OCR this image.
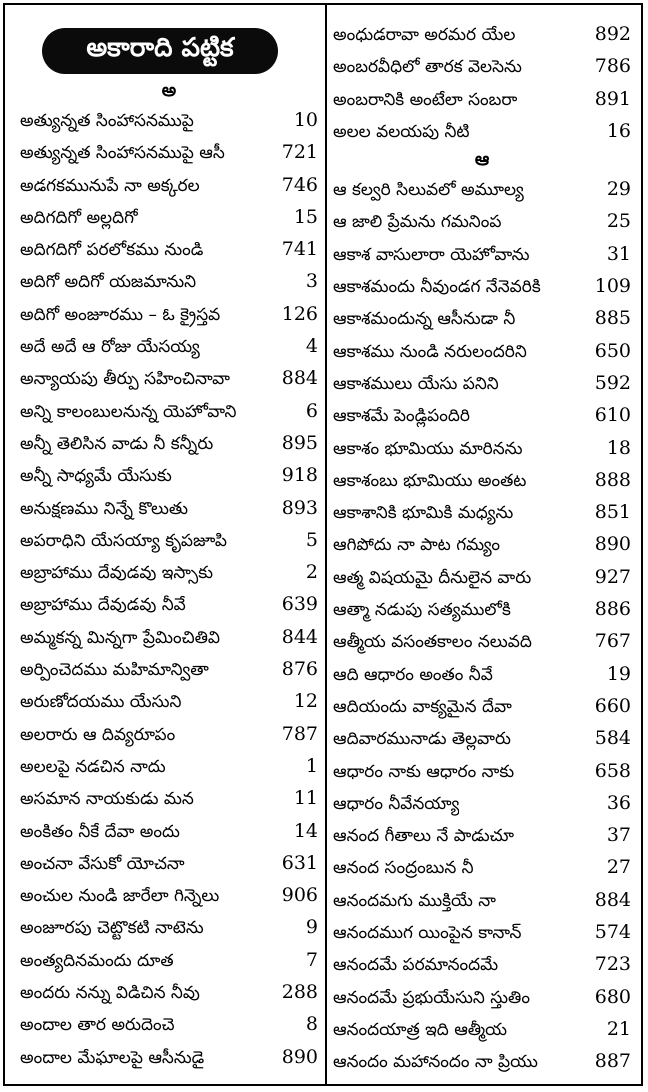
అకారాది పట్టిక
అ
అత్యున్నత సింహాసనముపై	10
అత్యున్నత సింహాసనముపై ఆసీ	721
అడగకమునుపే నా అక్కరల	746
అదిగదిగో అల్లదిగో	15
అదిగదిగో పరలోకము నుండి	741
అదిగో అదిగో యజమానుని	3
అదిగో అంజూరము – ఓ క్రైస్తవ	126
అదే అదే ఆ రోజు యేసయ్య	4
అన్యాయపు తీర్పు సహించినావా	884
అన్ని కాలంబులనున్న యెహోవాని	6
అన్నీ తెలిసిన వాడు నీ కన్నీరు	895
అన్నీ సాధ్యమే యేసుకు	918
అనుక్షణము నిన్నే కొలుతు	893
అపరాధిని యేసయ్యా కృపజూపి	5
అబ్రాహాము దేవుడవు ఇస్సాకు	2
అబ్రాహాము దేవుడవు నీవే	639
అమ్మకన్న మిన్నగా ప్రేమించితివి	844
అర్పించెదము మహిమాన్వితా	876
అరుణోదయము యేసుని	12
అలరారు ఆ దివ్యరూపం	787
అలలపై నడచిన నాదు	1
అసమాన నాయకుడు మన	11
అంకితం నీకే దేవా అందు	14
అంచనా వేసుకో యోచనా	631
అంచుల నుండి జారేలా గిన్నెలు	906
అంజూరపు చెట్టొకటి నాటెను	9
అంత్యదినమందు దూత	7
అందరు నన్ను విడిచిన నీవు	288
అందాల తార అరుదెంచె	8
అందాల మేఘాలపై ఆసీనుడై	890
అంధుడరావా అరమర యేల	892
అంబరవీధిలో తారక వెలసెను	786
అంబరానికి అంటేలా సంబరా	891
అలల వలయపు నీటి	16
ఆ
ఆ కల్వరి సిలువలో అమూల్య	29
ఆ జాలి ప్రేమను గమనింప	25
ఆకాశ వాసులారా యెహోవాను	31
ఆకాశమందు నీవుండగ నేనెవరికి	109
ఆకాశమందున్న ఆసీనుడా నీ	885
ఆకాశము నుండి నరులందరిని	650
ఆకాశములు యేసు పనిని	592
ఆకాశమే పెండ్లిపందిరి	610
ఆకాశం భూమియు మారినను	18
ఆకాశంబు భూమియు అంతట	888
ఆకాశానికి భూమికి మధ్యను	851
ఆగిపోదు నా పాట గమ్యం	890
ఆత్మ విషయమై దీనులైన వారు	927
ఆత్మా నడుపు సత్యములోకి	886
ఆత్మీయ వసంతకాలం నలువది	767
ఆది ఆధారం అంతం నీవే	19
ఆదియందు వాక్యమైన దేవా	660
ఆదివారమునాడు తెల్లవారు	584
ఆధారం నాకు ఆధారం నాకు	658
ఆధారం నీవేనయ్యా	36
ఆనంద గీతాలు నే పాడుచూ	37
ఆనంద సంద్రంబున నీ	27
ఆనందమగు ముక్తియే నా	884
ఆనందముగ యింపైన కానాన్	574
ఆనందమే పరమానందమే	723
ఆనందమే ప్రభుయేసుని స్తుతిం	680
ఆనందయాత్ర ఇది ఆత్మీయ	21
ఆనందం మహానందం నా ప్రియు	887
